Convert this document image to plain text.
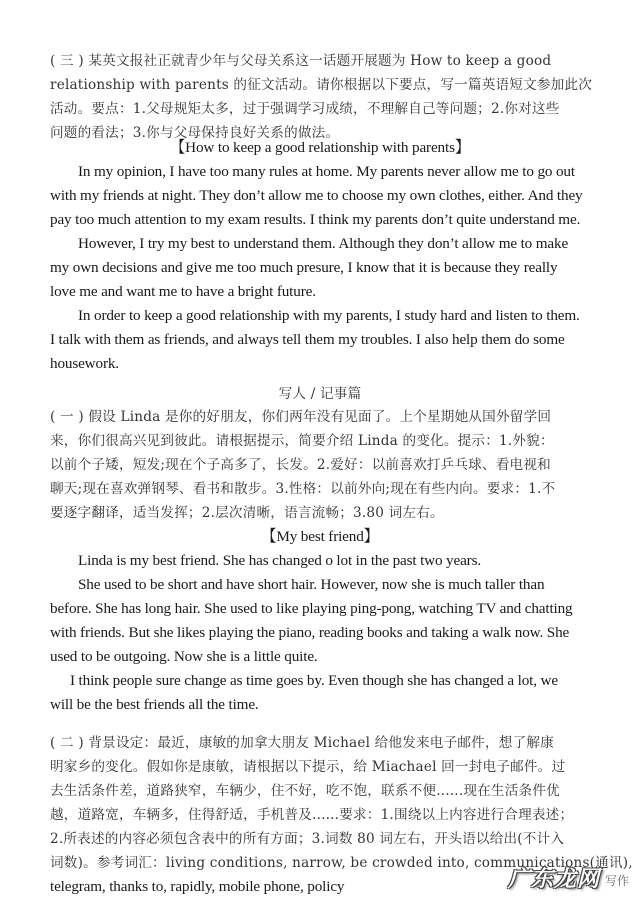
( 三 ) 某英文报社正就青少年与父母关系这一话题开展题为 How to keep a good
relationship with parents 的征文活动。请你根据以下要点，写一篇英语短文参加此次
活动。要点：1.父母规矩太多，过于强调学习成绩，不理解自己等问题；2.你对这些
问题的看法；3.你与父母保持良好关系的做法。
【How to keep a good relationship with parents】
In my opinion, I have too many rules at home. My parents never allow me to go out
with my friends at night. They don’t allow me to choose my own clothes, either. And they
pay too much attention to my exam results. I think my parents don’t quite understand me.
However, I try my best to understand them. Although they don’t allow me to make
my own decisions and give me too much presure, I know that it is because they really
love me and want me to have a bright future.
In order to keep a good relationship with my parents, I study hard and listen to them.
I talk with them as friends, and always tell them my troubles. I also help them do some
housework.
写人 / 记事篇
( 一 ) 假设 Linda 是你的好朋友，你们两年没有见面了。上个星期她从国外留学回
来，你们很高兴见到彼此。请根据提示，简要介绍 Linda 的变化。提示：1.外貌：
以前个子矮，短发;现在个子高多了，长发。2.爱好：以前喜欢打乒乓球、看电视和
聊天;现在喜欢弹钢琴、看书和散步。3.性格：以前外向;现在有些内向。要求：1.不
要逐字翻译，适当发挥；2.层次清晰，语言流畅；3.80 词左右。
【My best friend】
Linda is my best friend. She has changed o lot in the past two years.
She used to be short and have short hair. However, now she is much taller than
before. She has long hair. She used to like playing ping-pong, watching TV and chatting
with friends. But she likes playing the piano, reading books and taking a walk now. She
used to be outgoing. Now she is a little quite.
I think people sure change as time goes by. Even though she has changed a lot, we
will be the best friends all the time.
( 二 ) 背景设定：最近，康敏的加拿大朋友 Michael 给他发来电子邮件，想了解康
明家乡的变化。假如你是康敏，请根据以下提示，给 Miachael 回一封电子邮件。过
去生活条件差，道路狭窄，车辆少，住不好，吃不饱，联系不便......现在生活条件优
越，道路宽，车辆多，住得舒适，手机普及......要求：1.围绕以上内容进行合理表述；
2.所表述的内容必须包含表中的所有方面；3.词数 80 词左右，开头语以给出(不计入
词数)。参考词汇：living conditions, narrow, be crowded into, communications(通讯),
telegram, thanks to, rapidly, mobile phone, policy	广东龙网 写作
